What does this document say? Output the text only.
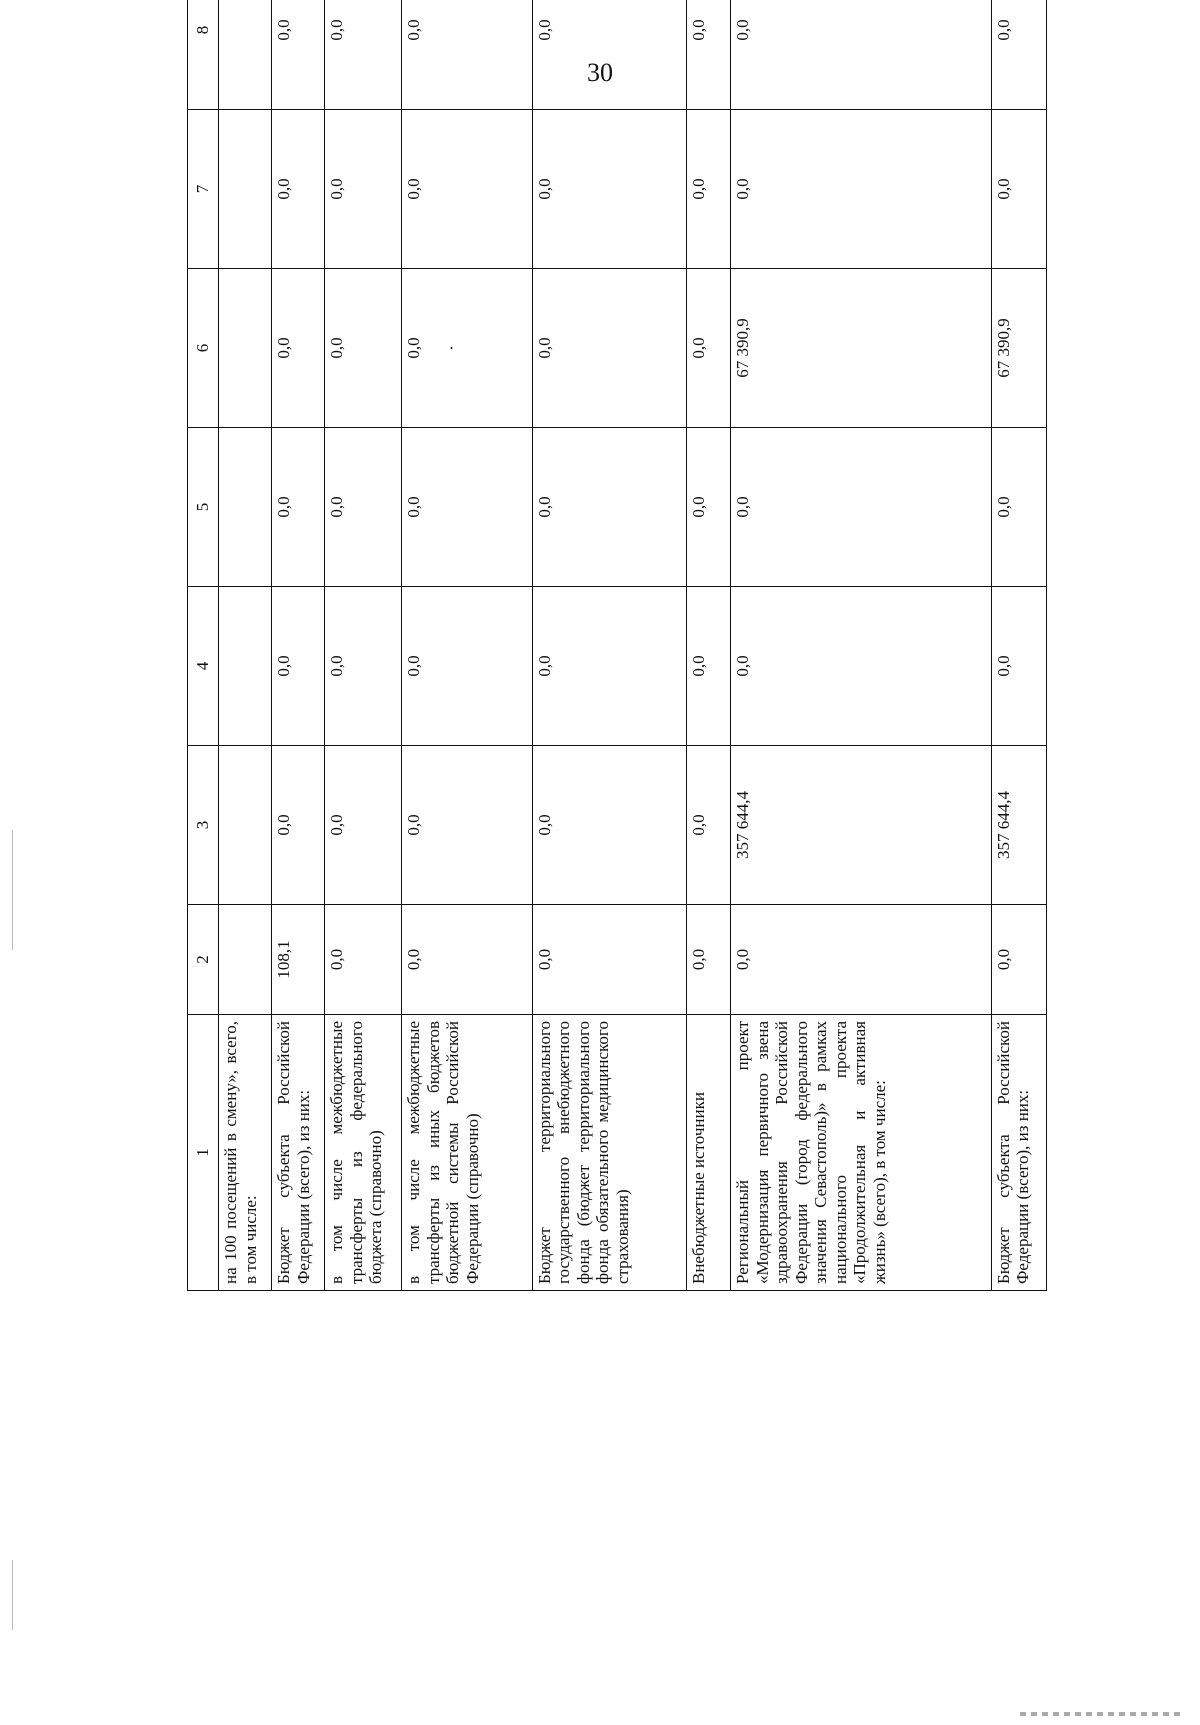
30
1	2	3	4	5	6	7	8	
на 100 посещений в смену», всего, в том числе:								
Бюджет субъекта Российской Федерации (всего), из них:	108,1	0,0	0,0	0,0	0,0	0,0	0,0	
в том числе межбюджетные трансферты из федерального бюджета (справочно)	0,0	0,0	0,0	0,0	0,0	0,0	0,0	
в том числе межбюджетные трансферты из иных бюджетов бюджетной системы Российской Федерации (справочно)	0,0	0,0	0,0	0,0	0,0 ·	0,0	0,0	
Бюджет территориального государственного внебюджетного фонда (бюджет территориального фонда обязательного медицинского страхования)	0,0	0,0	0,0	0,0	0,0	0,0	0,0	
Внебюджетные источники	0,0	0,0	0,0	0,0	0,0	0,0	0,0	
Региональный проект «Модернизация первичного звена здравоохранения Российской Федерации (город федерального значения Севастополь)» в рамках национального проекта «Продолжительная и активная жизнь» (всего), в том числе:	0,0	357 644,4	0,0	0,0	67 390,9	0,0	0,0	
Бюджет субъекта Российской Федерации (всего), из них:	0,0	357 644,4	0,0	0,0	67 390,9	0,0	0,0	
